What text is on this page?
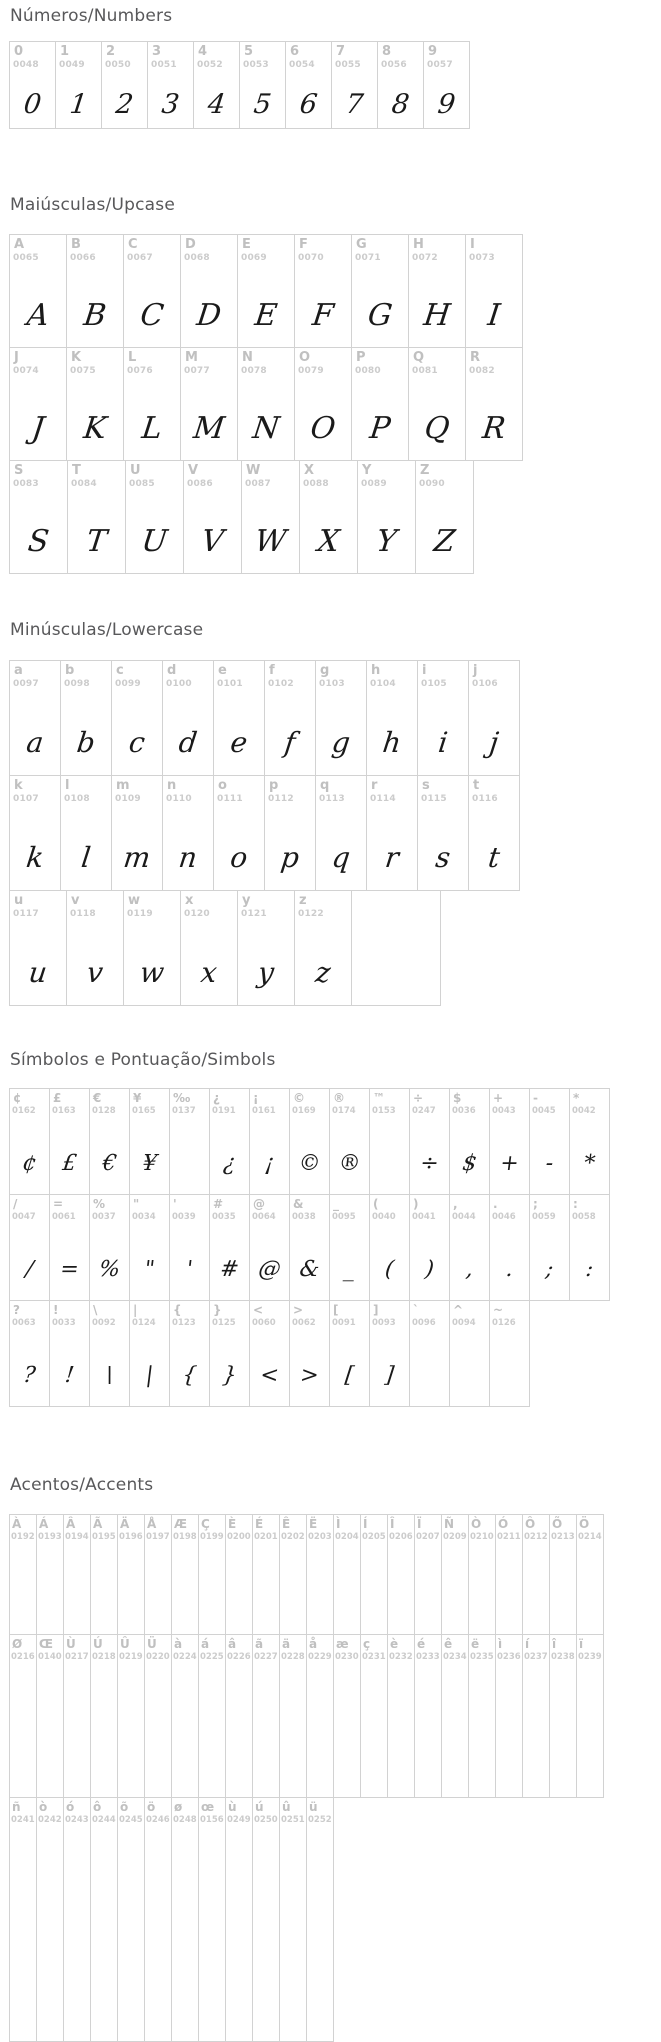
Números/Numbers
0
0048
0
1
0049
1
2
0050
2
3
0051
3
4
0052
4
5
0053
5
6
0054
6
7
0055
7
8
0056
8
9
0057
9
Maiúsculas/Upcase
A
0065
A
B
0066
B
C
0067
C
D
0068
D
E
0069
E
F
0070
F
G
0071
G
H
0072
H
I
0073
I
J
0074
J
K
0075
K
L
0076
L
M
0077
M
N
0078
N
O
0079
O
P
0080
P
Q
0081
Q
R
0082
R
S
0083
S
T
0084
T
U
0085
U
V
0086
V
W
0087
W
X
0088
X
Y
0089
Y
Z
0090
Z
Minúsculas/Lowercase
a
0097
a
b
0098
b
c
0099
c
d
0100
d
e
0101
e
f
0102
f
g
0103
g
h
0104
h
i
0105
i
j
0106
j
k
0107
k
l
0108
l
m
0109
m
n
0110
n
o
0111
o
p
0112
p
q
0113
q
r
0114
r
s
0115
s
t
0116
t
u
0117
u
v
0118
v
w
0119
w
x
0120
x
y
0121
y
z
0122
z
Símbolos e Pontuação/Simbols
¢
0162
¢
£
0163
£
€
0128
€
¥
0165
¥
‰
0137
¿
0191
¿
¡
0161
¡
©
0169
©
®
0174
®
™
0153
÷
0247
÷
$
0036
$
+
0043
+
-
0045
-
*
0042
*
/
0047
/
=
0061
=
%
0037
%
"
0034
"
'
0039
'
#
0035
#
@
0064
@
&
0038
&
_
0095
_
(
0040
(
)
0041
)
,
0044
,
.
0046
.
;
0059
;
:
0058
:
?
0063
?
!
0033
!
\
0092
\
|
0124
|
{
0123
{
}
0125
}
<
0060
<
>
0062
>
[
0091
[
]
0093
]
`
0096
^
0094
~
0126
Acentos/Accents
À
0192
Á
0193
Â
0194
Ã
0195
Ä
0196
Å
0197
Æ
0198
Ç
0199
È
0200
É
0201
Ê
0202
Ë
0203
Ì
0204
Í
0205
Î
0206
Ï
0207
Ñ
0209
Ò
0210
Ó
0211
Ô
0212
Õ
0213
Ö
0214
Ø
0216
Œ
0140
Ù
0217
Ú
0218
Û
0219
Ü
0220
à
0224
á
0225
â
0226
ã
0227
ä
0228
å
0229
æ
0230
ç
0231
è
0232
é
0233
ê
0234
ë
0235
ì
0236
í
0237
î
0238
ï
0239
ñ
0241
ò
0242
ó
0243
ô
0244
õ
0245
ö
0246
ø
0248
œ
0156
ù
0249
ú
0250
û
0251
ü
0252
